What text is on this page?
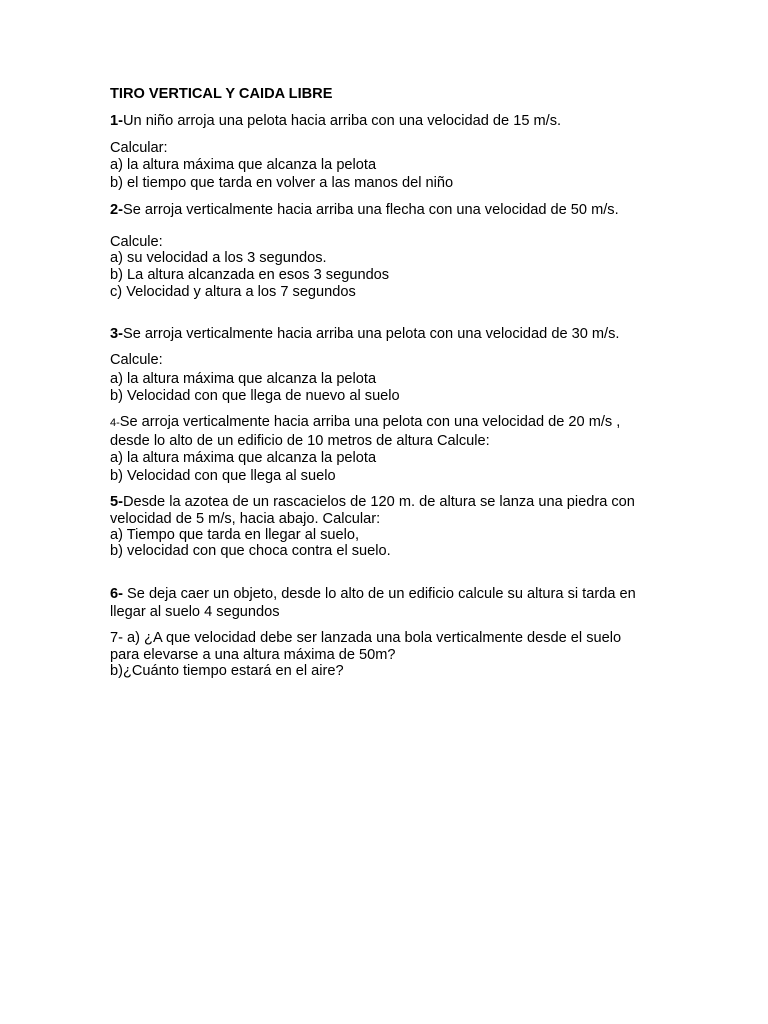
TIRO VERTICAL Y CAIDA LIBRE

1-Un niño arroja una pelota hacia arriba con una velocidad de 15 m/s.

Calcular:

a) la altura máxima que alcanza la pelota

b) el tiempo que tarda en volver a las manos del niño

2-Se arroja verticalmente hacia arriba una flecha con una velocidad de 50 m/s.

Calcule:

a) su velocidad a los 3 segundos.

b) La altura alcanzada en esos 3 segundos

c) Velocidad y altura a los 7 segundos

3-Se arroja verticalmente hacia arriba una pelota con una velocidad de 30 m/s.

Calcule:

a) la altura máxima que alcanza la pelota

b) Velocidad con que llega de nuevo al suelo

4-Se arroja verticalmente hacia arriba una pelota con una velocidad de 20 m/s ,

desde lo alto de un edificio de 10 metros de altura Calcule:

a) la altura máxima que alcanza la pelota

b) Velocidad con que llega al suelo

5-Desde la azotea de un rascacielos de 120 m. de altura se lanza una piedra con

velocidad de 5 m/s, hacia abajo. Calcular:

a) Tiempo que tarda en llegar al suelo,

b) velocidad con que choca contra el suelo.

6- Se deja caer un objeto, desde lo alto de un edificio calcule su altura si tarda en

llegar al suelo 4 segundos

7- a) ¿A que velocidad debe ser lanzada una bola verticalmente desde el suelo

para elevarse a una altura máxima de 50m?

b)¿Cuánto tiempo estará en el aire?
